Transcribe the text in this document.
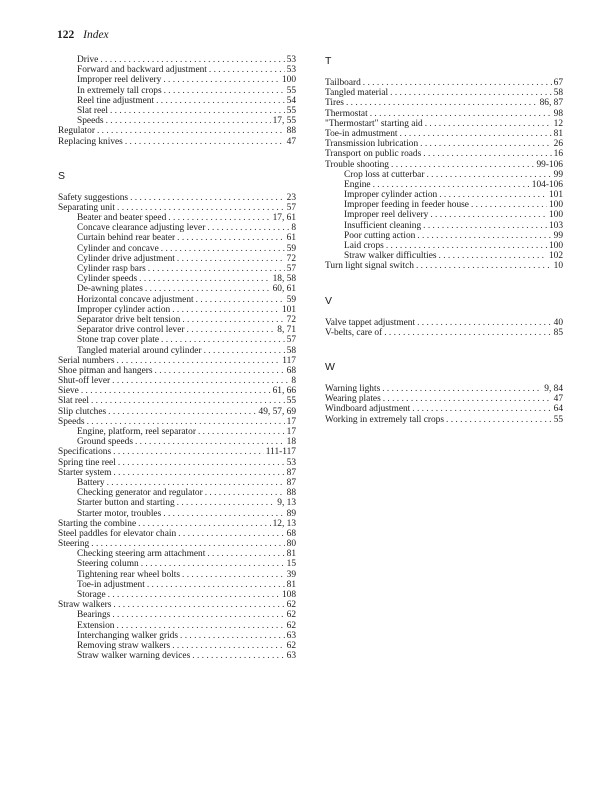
122 Index
Drive . . .	53
Forward and backward adjustment . . .	53
Improper reel delivery . . .	100
In extremely tall crops . . .	55
Reel tine adjustment . . .	54
Slat reel . . .	55
Speeds . . .	17, 55
Regulator . . .	88
Replacing knives . . .	47
S
Safety suggestions . . .	23
Separating unit . . .	57
Beater and beater speed . . .	17, 61
Concave clearance adjusting lever . . .	8
Curtain behind rear beater . . .	61
Cylinder and concave . . .	59
Cylinder drive adjustment . . .	72
Cylinder rasp bars . . .	57
Cylinder speeds . . .	18, 58
De-awning plates . . .	60, 61
Horizontal concave adjustment . . .	59
Improper cylinder action . . .	101
Separator drive belt tension . . .	72
Separator drive control lever . . .	8, 71
Stone trap cover plate . . .	57
Tangled material around cylinder . . .	58
Serial numbers . . .	117
Shoe pitman and hangers . . .	68
Shut-off lever . . .	8
Sieve . . .	61, 66
Slat reel . . .	55
Slip clutches . . .	49, 57, 69
Speeds . . .	17
Engine, platform, reel separator . . .	17
Ground speeds . . .	18
Specifications . . .	111-117
Spring tine reel . . .	53
Starter system . . .	87
Battery . . .	87
Checking generator and regulator . . .	88
Starter button and starting . . .	9, 13
Starter motor, troubles . . .	89
Starting the combine . . .	12, 13
Steel paddles for elevator chain . . .	68
Steering . . .	80
Checking steering arm attachment . . .	81
Steering column . . .	15
Tightening rear wheel bolts . . .	39
Toe-in adjustment . . .	81
Storage . . .	108
Straw walkers . . .	62
Bearings . . .	62
Extension . . .	62
Interchanging walker grids . . .	63
Removing straw walkers . . .	62
Straw walker warning devices . . .	63
T
Tailboard . . .	67
Tangled material . . .	58
Tires . . .	86, 87
Thermostat . . .	98
"Thermostart" starting aid . . .	12
Toe-in admustment . . .	81
Transmission lubrication . . .	26
Transport on public roads . . .	16
Trouble shooting . . .	99-106
Crop loss at cutterbar . . .	99
Engine . . .	104-106
Improper cylinder action . . .	101
Improper feeding in feeder house . . .	100
Improper reel delivery . . .	100
Insufficient cleaning . . .	103
Poor cutting action . . .	99
Laid crops . . .	100
Straw walker difficulties . . .	102
Turn light signal switch . . .	10
V
Valve tappet adjustment . . .	40
V-belts, care of . . .	85
W
Warning lights . . .	9, 84
Wearing plates . . .	47
Windboard adjustment . . .	64
Working in extremely tall crops . . .	55
